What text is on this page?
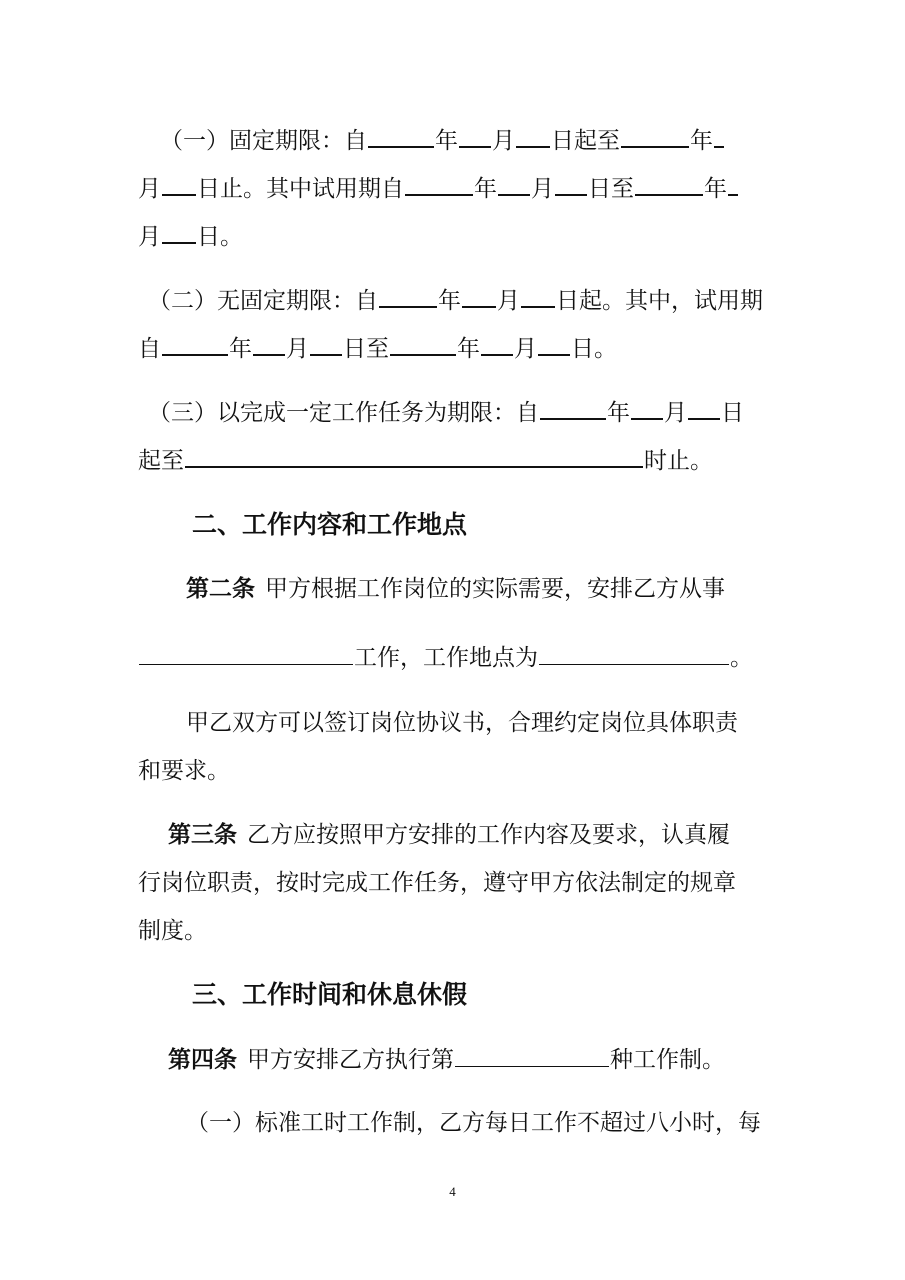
（一）固定期限：自	年 月 日起至	年
月 日止。其中试用期自	年 月 日至	年
月 日。
（二）无固定期限：自	年 月 日起。其中，试用期
自	年 月 日至	年 月 日。
（三）以完成一定工作任务为期限：自	年 月 日
起至	时止。
二、工作内容和工作地点
第二条 甲方根据工作岗位的实际需要，安排乙方从事
工作，工作地点为	。
甲乙双方可以签订岗位协议书，合理约定岗位具体职责
和要求。
第三条 乙方应按照甲方安排的工作内容及要求，认真履
行岗位职责，按时完成工作任务，遵守甲方依法制定的规章
制度。
三、工作时间和休息休假
第四条 甲方安排乙方执行第	种工作制。
（一）标准工时工作制，乙方每日工作不超过八小时，每
4
